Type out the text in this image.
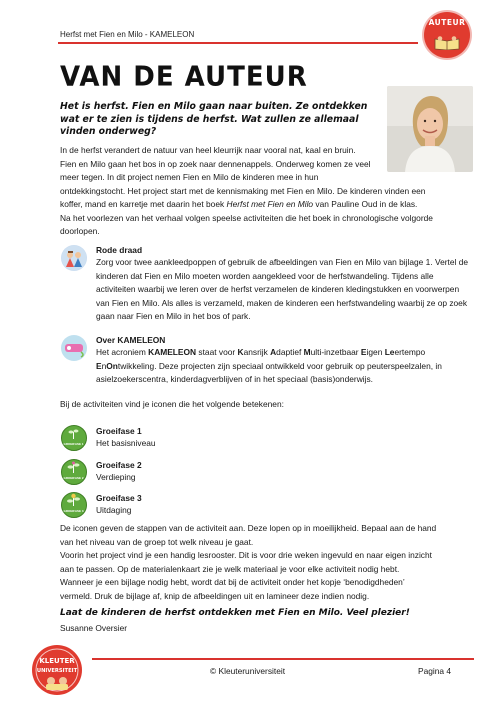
Herfst met Fien en Milo - KAMELEON
AUTEUR
VAN DE AUTEUR

Het is herfst. Fien en Milo gaan naar buiten. Ze ontdekken wat er te zien is tijdens de herfst. Wat zullen ze allemaal vinden onderweg?

In de herfst verandert de natuur van heel kleurrijk naar vooral nat, kaal en bruin.
Fien en Milo gaan het bos in op zoek naar dennenappels. Onderweg komen ze veel
meer tegen. In dit project nemen Fien en Milo de kinderen mee in hun
ontdekkingstocht. Het project start met de kennismaking met Fien en Milo. De kinderen vinden een
koffer, mand en karretje met daarin het boek Herfst met Fien en Milo van Pauline Oud in de klas.
Na het voorlezen van het verhaal volgen speelse activiteiten die het boek in chronologische volgorde
doorlopen.

Rode draad

Zorg voor twee aankleedpoppen of gebruik de afbeeldingen van Fien en Milo van bijlage 1. Vertel de kinderen dat Fien en Milo moeten worden aangekleed voor de herfstwandeling. Tijdens alle activiteiten waarbij we leren over de herfst verzamelen de kinderen kledingstukken en voorwerpen van Fien en Milo. Als alles is verzameld, maken de kinderen een herfstwandeling waarbij ze op zoek gaan naar Fien en Milo in het bos of park.

Over KAMELEON

Het acroniem KAMELEON staat voor Kansrijk Adaptief Multi-inzetbaar Eigen Leertempo EnOntwikkeling. Deze projecten zijn speciaal ontwikkeld voor gebruik op peuterspeelzalen, in asielzoekerscentra, kinderdagverblijven of in het speciaal (basis)onderwijs.

Bij de activiteiten vind je iconen die het volgende betekenen:

GROEIFASE 1
GROEIFASE 2
GROEIFASE 3
Groeifase 1
Het basisniveau
Groeifase 2
Verdieping
Groeifase 3
Uitdaging

De iconen geven de stappen van de activiteit aan. Deze lopen op in moeilijkheid. Bepaal aan de hand
van het niveau van de groep tot welk niveau je gaat.
Voorin het project vind je een handig lesrooster. Dit is voor drie weken ingevuld en naar eigen inzicht
aan te passen. Op de materialenkaart zie je welk materiaal je voor elke activiteit nodig hebt.
Wanneer je een bijlage nodig hebt, wordt dat bij de activiteit onder het kopje ‘benodigdheden’
vermeld. Druk de bijlage af, knip de afbeeldingen uit en lamineer deze indien nodig.

Laat de kinderen de herfst ontdekken met Fien en Milo. Veel plezier!

Susanne Oversier
KLEUTER
UNIVERSITEIT	© Kleuteruniversiteit	Pagina 4
